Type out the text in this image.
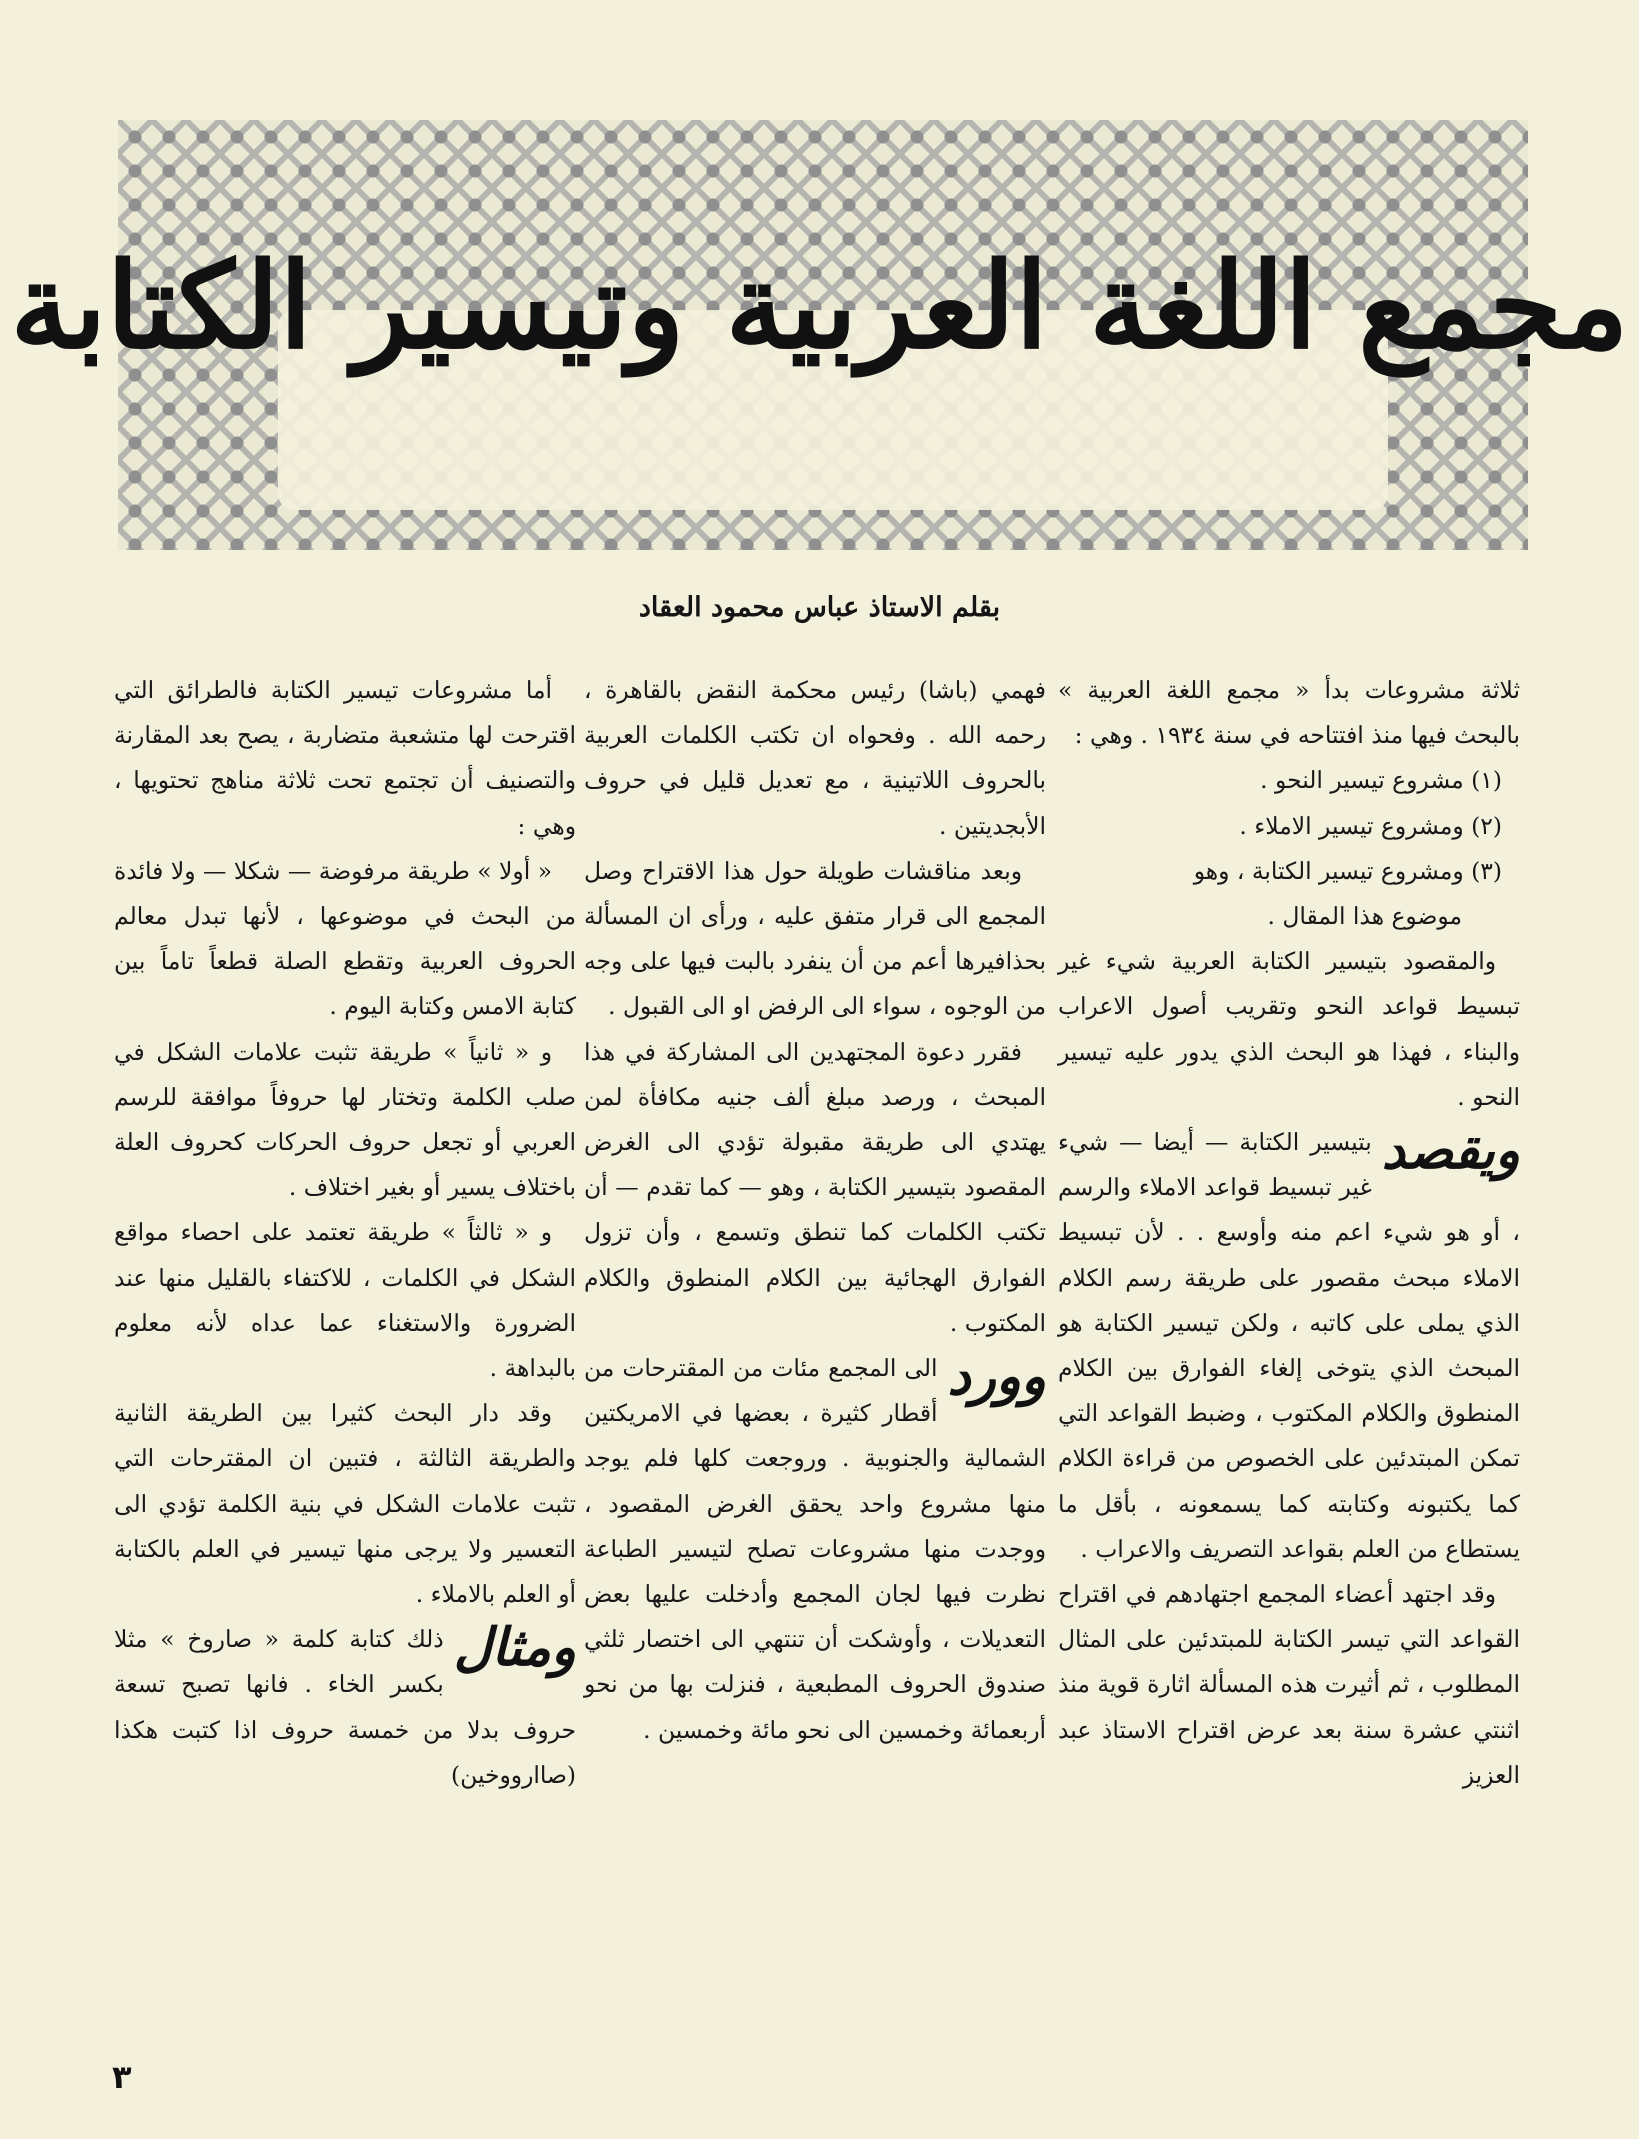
مجمع اللغة العربية وتيسير الكتابة
بقلم الاستاذ عباس محمود العقاد

ثلاثة مشروعات بدأ « مجمع اللغة العربية » بالبحث فيها منذ افتتاحه في سنة ١٩٣٤ . وهي :

(١) مشروع تيسير النحو .
(٢) ومشروع تيسير الاملاء .
(٣) ومشروع تيسير الكتابة ، وهو
موضوع هذا المقال .

والمقصود بتيسير الكتابة العربية شيء غير تبسيط قواعد النحو وتقريب أصول الاعراب والبناء ، فهذا هو البحث الذي يدور عليه تيسير النحو .

ويقصد
بتيسير الكتابة — أيضا — شيء غير تبسيط قواعد الاملاء والرسم ، أو هو شيء اعم منه وأوسع . . لأن تبسيط الاملاء مبحث مقصور على طريقة رسم الكلام الذي يملى على كاتبه ، ولكن تيسير الكتابة هو المبحث الذي يتوخى إلغاء الفوارق بين الكلام المنطوق والكلام المكتوب ، وضبط القواعد التي تمكن المبتدئين على الخصوص من قراءة الكلام كما يكتبونه وكتابته كما يسمعونه ، بأقل ما يستطاع من العلم بقواعد التصريف والاعراب .

وقد اجتهد أعضاء المجمع اجتهادهم في اقتراح القواعد التي تيسر الكتابة للمبتدئين على المثال المطلوب ، ثم أثيرت هذه المسألة اثارة قوية منذ اثنتي عشرة سنة بعد عرض اقتراح الاستاذ عبد العزيز

فهمي (باشا) رئيس محكمة النقض بالقاهرة ، رحمه الله . وفحواه ان تكتب الكلمات العربية بالحروف اللاتينية ، مع تعديل قليل في حروف الأبجديتين .

وبعد مناقشات طويلة حول هذا الاقتراح وصل المجمع الى قرار متفق عليه ، ورأى ان المسألة بحذافيرها أعم من أن ينفرد بالبت فيها على وجه من الوجوه ، سواء الى الرفض او الى القبول .

فقرر دعوة المجتهدين الى المشاركة في هذا المبحث ، ورصد مبلغ ألف جنيه مكافأة لمن يهتدي الى طريقة مقبولة تؤدي الى الغرض المقصود بتيسير الكتابة ، وهو — كما تقدم — أن تكتب الكلمات كما تنطق وتسمع ، وأن تزول الفوارق الهجائية بين الكلام المنطوق والكلام المكتوب .

وورد
الى المجمع مئات من المقترحات من أقطار كثيرة ، بعضها في الامريكتين الشمالية والجنوبية . وروجعت كلها فلم يوجد منها مشروع واحد يحقق الغرض المقصود ، ووجدت منها مشروعات تصلح لتيسير الطباعة نظرت فيها لجان المجمع وأدخلت عليها بعض التعديلات ، وأوشكت أن تنتهي الى اختصار ثلثي صندوق الحروف المطبعية ، فنزلت بها من نحو أربعمائة وخمسين الى نحو مائة وخمسين .

أما مشروعات تيسير الكتابة فالطرائق التي اقترحت لها متشعبة متضاربة ، يصح بعد المقارنة والتصنيف أن تجتمع تحت ثلاثة مناهج تحتويها ، وهي :

« أولا » طريقة مرفوضة — شكلا — ولا فائدة من البحث في موضوعها ، لأنها تبدل معالم الحروف العربية وتقطع الصلة قطعاً تاماً بين كتابة الامس وكتابة اليوم .

و « ثانياً » طريقة تثبت علامات الشكل في صلب الكلمة وتختار لها حروفاً موافقة للرسم العربي أو تجعل حروف الحركات كحروف العلة باختلاف يسير أو بغير اختلاف .

و « ثالثاً » طريقة تعتمد على احصاء مواقع الشكل في الكلمات ، للاكتفاء بالقليل منها عند الضرورة والاستغناء عما عداه لأنه معلوم بالبداهة .

وقد دار البحث كثيرا بين الطريقة الثانية والطريقة الثالثة ، فتبين ان المقترحات التي تثبت علامات الشكل في بنية الكلمة تؤدي الى التعسير ولا يرجى منها تيسير في العلم بالكتابة أو العلم بالاملاء .

ومثال
ذلك كتابة كلمة « صاروخ » مثلا بكسر الخاء . فانها تصبح تسعة حروف بدلا من خمسة حروف اذا كتبت هكذا (صاارووخين)

٣
